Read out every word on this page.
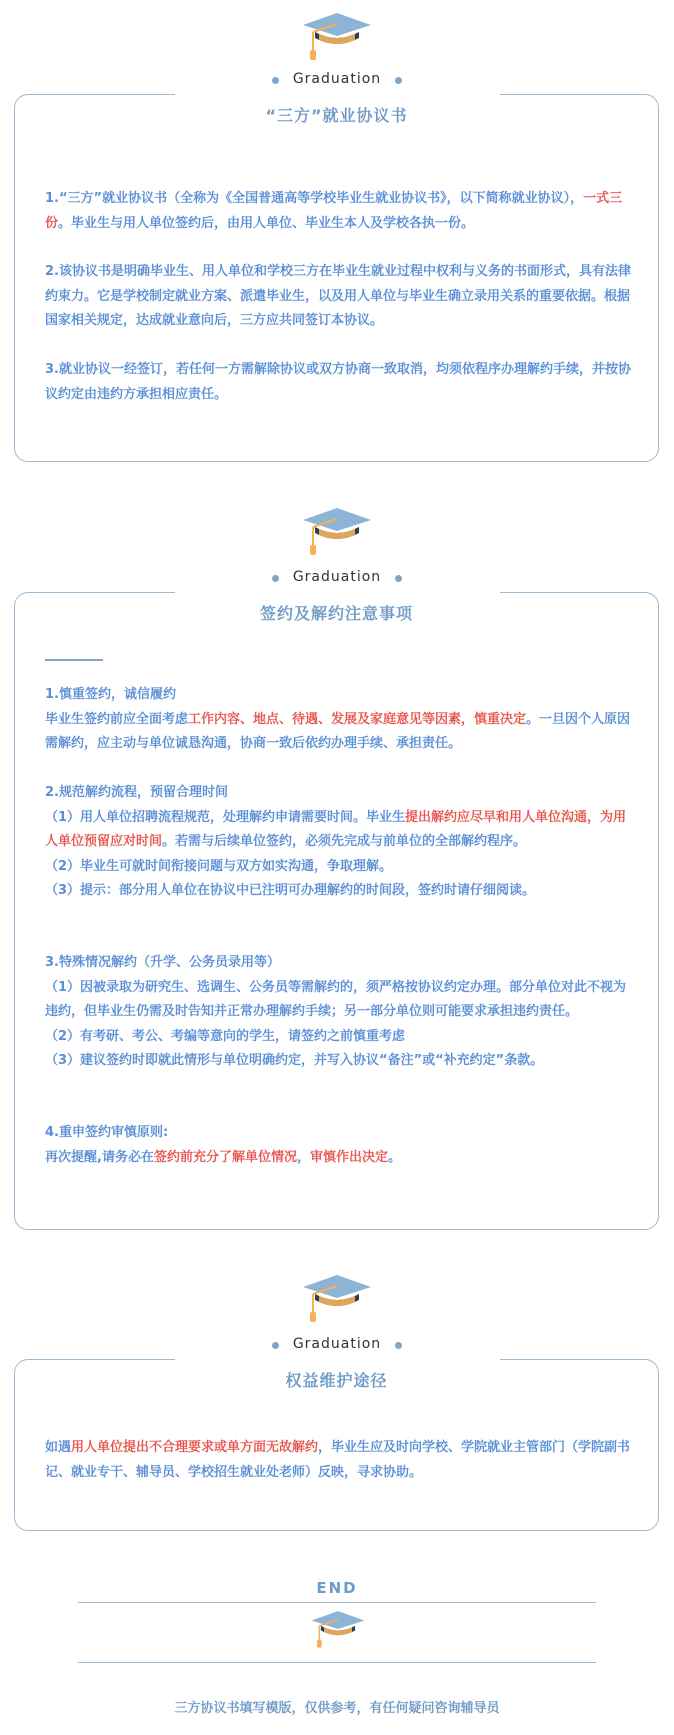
Graduation
“三方”就业协议书

1.“三方”就业协议书（全称为《全国普通高等学校毕业生就业协议书》，以下简称就业协议），一式三份。毕业生与用人单位签约后，由用人单位、毕业生本人及学校各执一份。

2.该协议书是明确毕业生、用人单位和学校三方在毕业生就业过程中权利与义务的书面形式，具有法律约束力。它是学校制定就业方案、派遣毕业生，以及用人单位与毕业生确立录用关系的重要依据。根据国家相关规定，达成就业意向后，三方应共同签订本协议。

3.就业协议一经签订，若任何一方需解除协议或双方协商一致取消，均须依程序办理解约手续，并按协议约定由违约方承担相应责任。

Graduation
签约及解约注意事项

1.慎重签约，诚信履约
毕业生签约前应全面考虑工作内容、地点、待遇、发展及家庭意见等因素，慎重决定。一旦因个人原因需解约，应主动与单位诚恳沟通，协商一致后依约办理手续、承担责任。

2.规范解约流程，预留合理时间
（1）用人单位招聘流程规范，处理解约申请需要时间。毕业生提出解约应尽早和用人单位沟通，为用人单位预留应对时间。若需与后续单位签约，必须先完成与前单位的全部解约程序。
（2）毕业生可就时间衔接问题与双方如实沟通，争取理解。
（3）提示：部分用人单位在协议中已注明可办理解约的时间段，签约时请仔细阅读。

3.特殊情况解约（升学、公务员录用等）
（1）因被录取为研究生、选调生、公务员等需解约的，须严格按协议约定办理。部分单位对此不视为违约，但毕业生仍需及时告知并正常办理解约手续；另一部分单位则可能要求承担违约责任。
（2）有考研、考公、考编等意向的学生，请签约之前慎重考虑
（3）建议签约时即就此情形与单位明确约定，并写入协议“备注”或“补充约定”条款。

4.重申签约审慎原则:
再次提醒,请务必在签约前充分了解单位情况，审慎作出决定。

Graduation
权益维护途径

如遇用人单位提出不合理要求或单方面无故解约，毕业生应及时向学校、学院就业主管部门（学院副书记、就业专干、辅导员、学校招生就业处老师）反映，寻求协助。

END
三方协议书填写模版，仅供参考，有任何疑问咨询辅导员
